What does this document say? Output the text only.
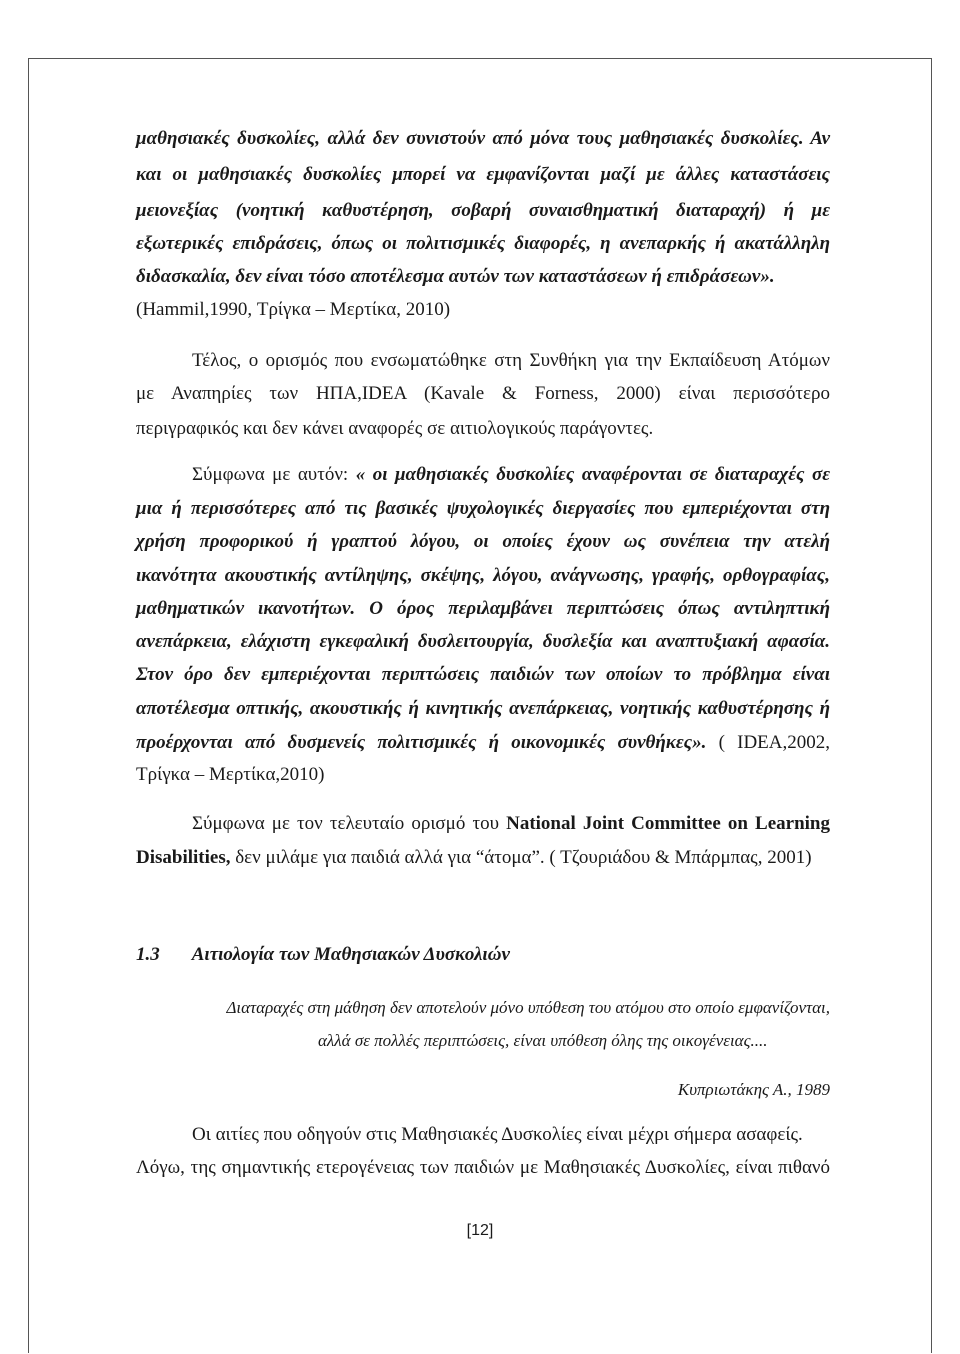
μαθησιακές δυσκολίες, αλλά δεν συνιστούν από μόνα τους μαθησιακές δυσκολίες. Αν
και οι μαθησιακές δυσκολίες μπορεί να εμφανίζονται μαζί με άλλες καταστάσεις
μειονεξίας (νοητική καθυστέρηση, σοβαρή συναισθηματική διαταραχή) ή με
εξωτερικές επιδράσεις, όπως οι πολιτισμικές διαφορές, η ανεπαρκής ή ακατάλληλη
διδασκαλία, δεν είναι τόσο αποτέλεσμα αυτών των καταστάσεων ή επιδράσεων».
(Hammil,1990, Τρίγκα – Μερτίκα, 2010)
Τέλος, ο ορισμός που ενσωματώθηκε στη Συνθήκη για την Εκπαίδευση Ατόμων
με Αναπηρίες των ΗΠΑ,IDEA (Kavale & Forness, 2000) είναι περισσότερο
περιγραφικός και δεν κάνει αναφορές σε αιτιολογικούς παράγοντες.
Σύμφωνα με αυτόν: « οι μαθησιακές δυσκολίες αναφέρονται σε διαταραχές σε
μια ή περισσότερες από τις βασικές ψυχολογικές διεργασίες που εμπεριέχονται στη
χρήση προφορικού ή γραπτού λόγου, οι οποίες έχουν ως συνέπεια την ατελή
ικανότητα ακουστικής αντίληψης, σκέψης, λόγου, ανάγνωσης, γραφής, ορθογραφίας,
μαθηματικών ικανοτήτων. Ο όρος περιλαμβάνει περιπτώσεις όπως αντιληπτική
ανεπάρκεια, ελάχιστη εγκεφαλική δυσλειτουργία, δυσλεξία και αναπτυξιακή αφασία.
Στον όρο δεν εμπεριέχονται περιπτώσεις παιδιών των οποίων το πρόβλημα είναι
αποτέλεσμα οπτικής, ακουστικής ή κινητικής ανεπάρκειας, νοητικής καθυστέρησης ή
προέρχονται από δυσμενείς πολιτισμικές ή οικονομικές συνθήκες». ( IDEA,2002,
Τρίγκα – Μερτίκα,2010)
Σύμφωνα με τον τελευταίο ορισμό του National Joint Committee on Learning
Disabilities, δεν μιλάμε για παιδιά αλλά για “άτομα”. ( Τζουριάδου & Μπάρμπας, 2001)
1.3 Αιτιολογία των Μαθησιακών Δυσκολιών
Διαταραχές στη μάθηση δεν αποτελούν μόνο υπόθεση του ατόμου στο οποίο εμφανίζονται,
αλλά σε πολλές περιπτώσεις, είναι υπόθεση όλης της οικογένειας....
Κυπριωτάκης Α., 1989
Οι αιτίες που οδηγούν στις Μαθησιακές Δυσκολίες είναι μέχρι σήμερα ασαφείς.
Λόγω, της σημαντικής ετερογένειας των παιδιών με Μαθησιακές Δυσκολίες, είναι πιθανό
[12]
